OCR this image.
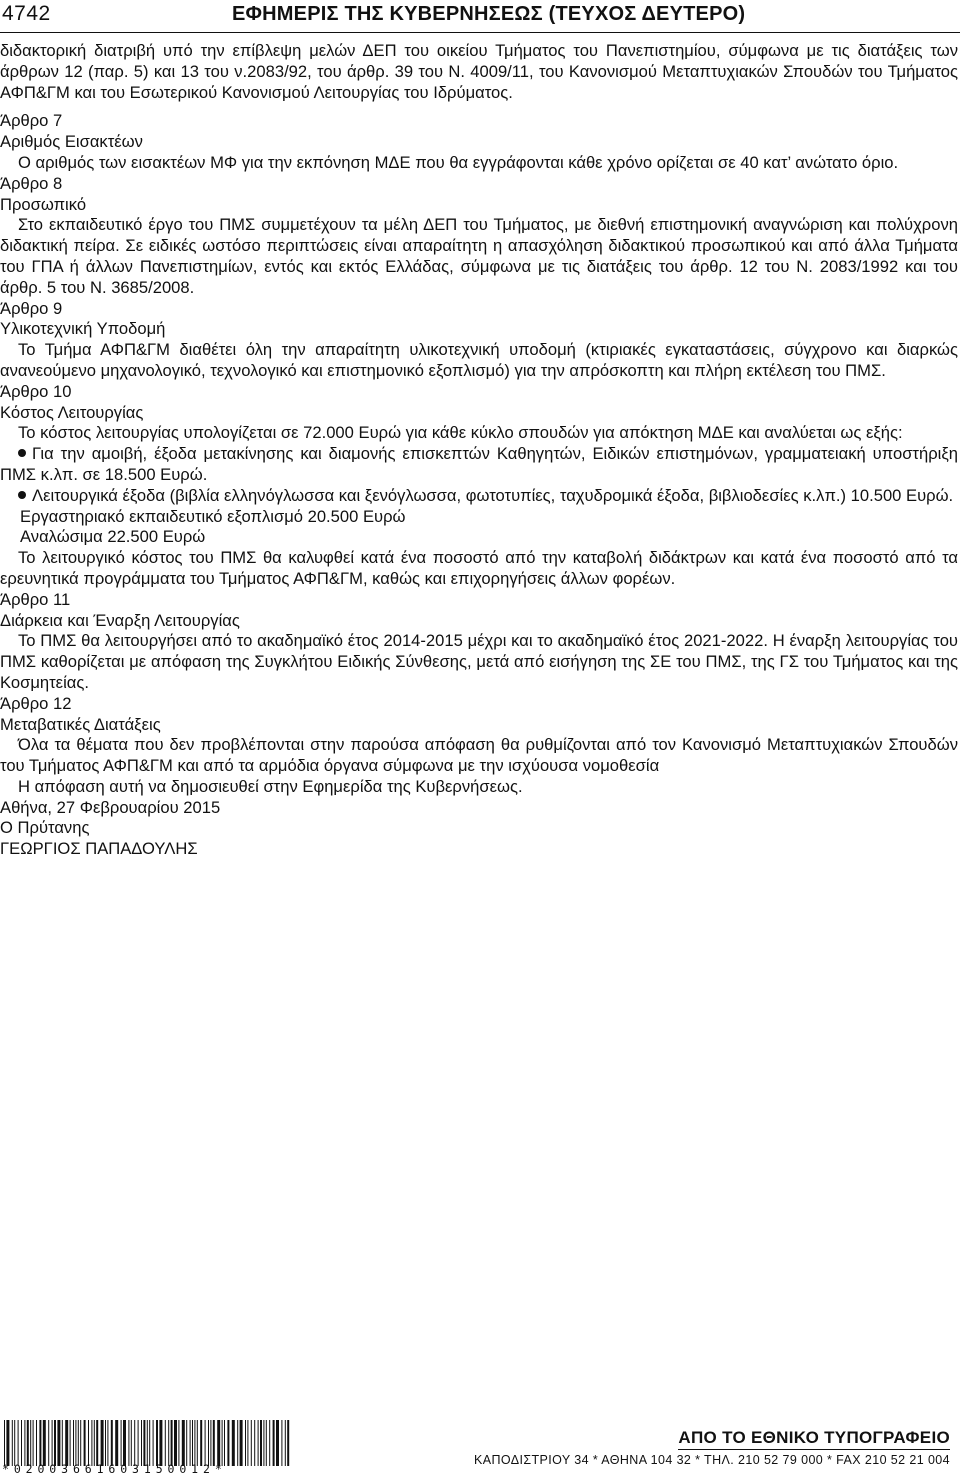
4742	ΕΦΗΜΕΡΙΣ ΤΗΣ ΚΥΒΕΡΝΗΣΕΩΣ (ΤΕΥΧΟΣ ΔΕΥΤΕΡΟ)

διδακτορική διατριβή υπό την επίβλεψη μελών ΔΕΠ του οικείου Τμήματος του Πανεπιστημίου, σύμφωνα με τις διατάξεις των άρθρων 12 (παρ. 5) και 13 του ν.2083/92, του άρθρ. 39 του Ν. 4009/11, του Κανονισμού Μεταπτυχιακών Σπουδών του Τμήματος ΑΦΠ&ΓΜ και του Εσωτερικού Κανονισμού Λειτουργίας του Ιδρύματος.

Άρθρο 7

Αριθμός Εισακτέων

Ο αριθμός των εισακτέων ΜΦ για την εκπόνηση ΜΔΕ που θα εγγράφονται κάθε χρόνο ορίζεται σε 40 κατ’ ανώτατο όριο.

Άρθρο 8

Προσωπικό

Στο εκπαιδευτικό έργο του ΠΜΣ συμμετέχουν τα μέλη ΔΕΠ του Τμήματος, με διεθνή επιστημονική αναγνώριση και πολύχρονη διδακτική πείρα. Σε ειδικές ωστόσο περιπτώσεις είναι απαραίτητη η απασχόληση διδακτικού προσωπικού και από άλλα Τμήματα του ΓΠΑ ή άλλων Πανεπιστημίων, εντός και εκτός Ελλάδας, σύμφωνα με τις διατάξεις του άρθρ. 12 του Ν. 2083/1992 και του άρθρ. 5 του Ν. 3685/2008.

Άρθρο 9

Υλικοτεχνική Υποδομή

Το Τμήμα ΑΦΠ&ΓΜ διαθέτει όλη την απαραίτητη υλικοτεχνική υποδομή (κτιριακές εγκαταστάσεις, σύγχρονο και διαρκώς ανανεούμενο μηχανολογικό, τεχνολογικό και επιστημονικό εξοπλισμό) για την απρόσκοπτη και πλήρη εκτέλεση του ΠΜΣ.

Άρθρο 10

Κόστος Λειτουργίας

Το κόστος λειτουργίας υπολογίζεται σε 72.000 Ευρώ για κάθε κύκλο σπουδών για απόκτηση ΜΔΕ και αναλύεται ως εξής:

Για την αμοιβή, έξοδα μετακίνησης και διαμονής επισκεπτών Καθηγητών, Ειδικών επιστημόνων, γραμματειακή υποστήριξη ΠΜΣ κ.λπ. σε 18.500 Ευρώ.

Λειτουργικά έξοδα (βιβλία ελληνόγλωσσα και ξενόγλωσσα, φωτοτυπίες, ταχυδρομικά έξοδα, βιβλιοδεσίες κ.λπ.) 10.500 Ευρώ.

Εργαστηριακό εκπαιδευτικό εξοπλισμό 20.500 Ευρώ

Αναλώσιμα 22.500 Ευρώ

Το λειτουργικό κόστος του ΠΜΣ θα καλυφθεί κατά ένα ποσοστό από την καταβολή διδάκτρων και κατά ένα ποσοστό από τα ερευνητικά προγράμματα του Τμήματος ΑΦΠ&ΓΜ, καθώς και επιχορηγήσεις άλλων φορέων.

Άρθρο 11

Διάρκεια και Έναρξη Λειτουργίας

Το ΠΜΣ θα λειτουργήσει από το ακαδημαϊκό έτος 2014-2015 μέχρι και το ακαδημαϊκό έτος 2021-2022. Η έναρξη λειτουργίας του ΠΜΣ καθορίζεται με απόφαση της Συγκλήτου Ειδικής Σύνθεσης, μετά από εισήγηση της ΣΕ του ΠΜΣ, της ΓΣ του Τμήματος και της Κοσμητείας.

Άρθρο 12

Μεταβατικές Διατάξεις

Όλα τα θέματα που δεν προβλέπονται στην παρούσα απόφαση θα ρυθμίζονται από τον Κανονισμό Μεταπτυχιακών Σπουδών του Τμήματος ΑΦΠ&ΓΜ και από τα αρμόδια όργανα σύμφωνα με την ισχύουσα νομοθεσία

Η απόφαση αυτή να δημοσιευθεί στην Εφημερίδα της Κυβερνήσεως.

Αθήνα, 27 Φεβρουαρίου 2015

Ο Πρύτανης

ΓΕΩΡΓΙΟΣ ΠΑΠΑΔΟΥΛΗΣ

*02003661603150012*
ΑΠΟ ΤΟ ΕΘΝΙΚΟ ΤΥΠΟΓΡΑΦΕΙΟ
ΚΑΠΟΔΙΣΤΡΙΟΥ 34 * ΑΘΗΝΑ 104 32 * ΤΗΛ. 210 52 79 000 * FAX 210 52 21 004
